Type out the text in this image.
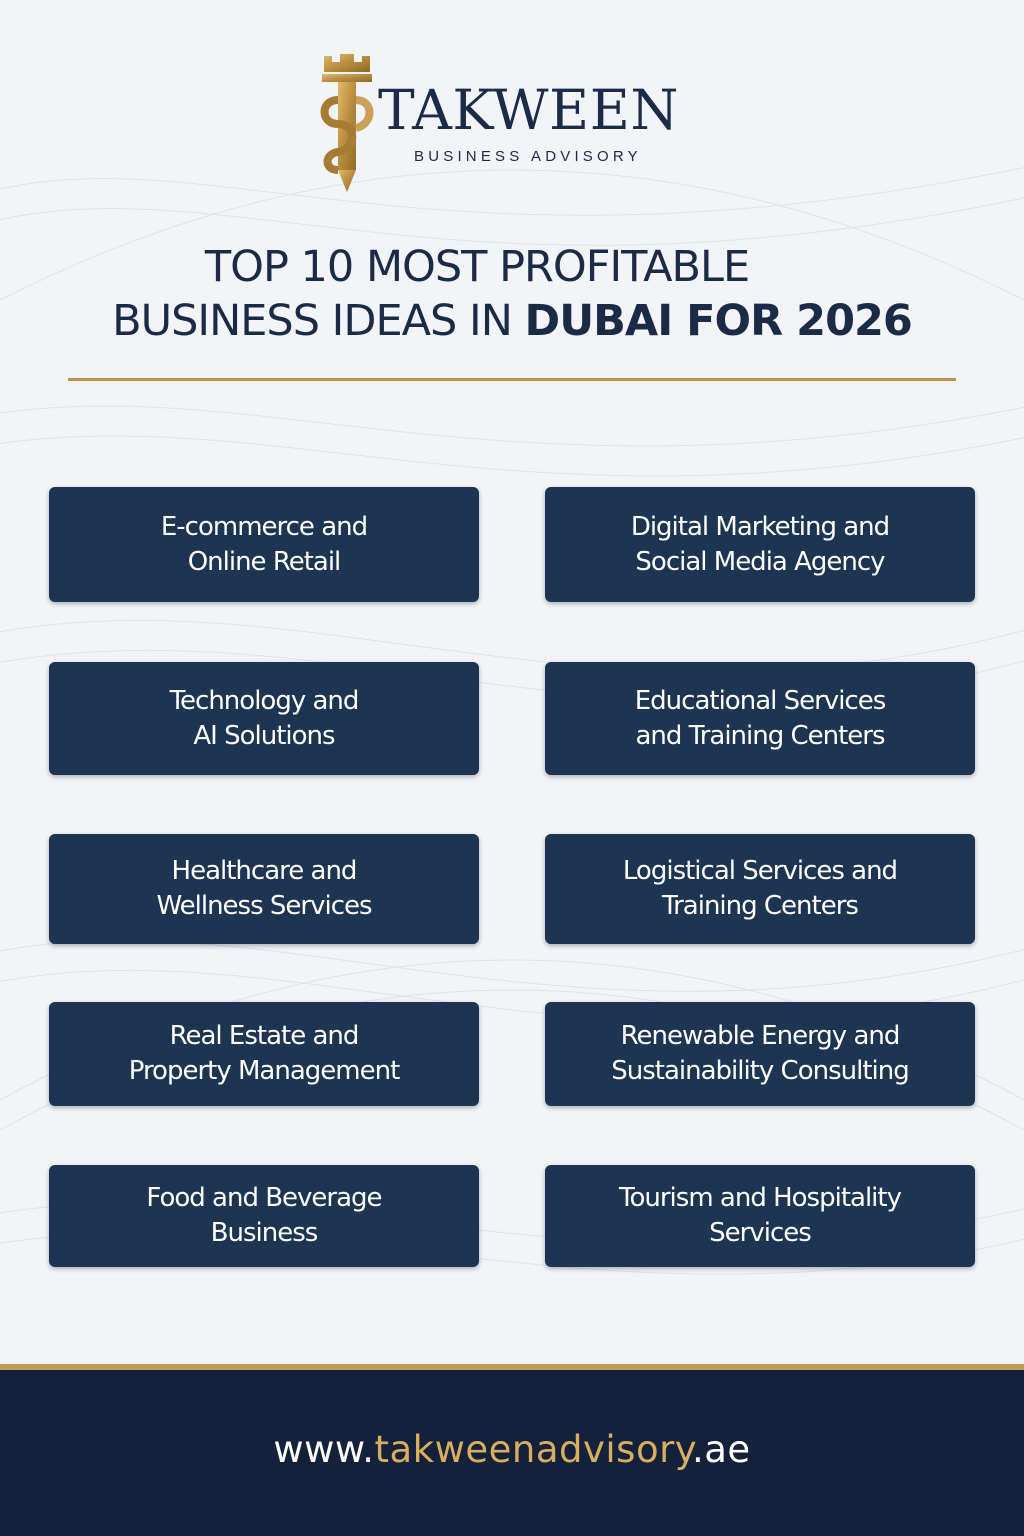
TAKWEEN
BUSINESS ADVISORY
TOP 10 MOST PROFITABLE
BUSINESS IDEAS IN DUBAI FOR 2026
E-commerce and
Online Retail
Digital Marketing and
Social Media Agency
Technology and
AI Solutions
Educational Services
and Training Centers
Healthcare and
Wellness Services
Logistical Services and
Training Centers
Real Estate and
Property Management
Renewable Energy and
Sustainability Consulting
Food and Beverage
Business
Tourism and Hospitality
Services
www.takweenadvisory.ae
